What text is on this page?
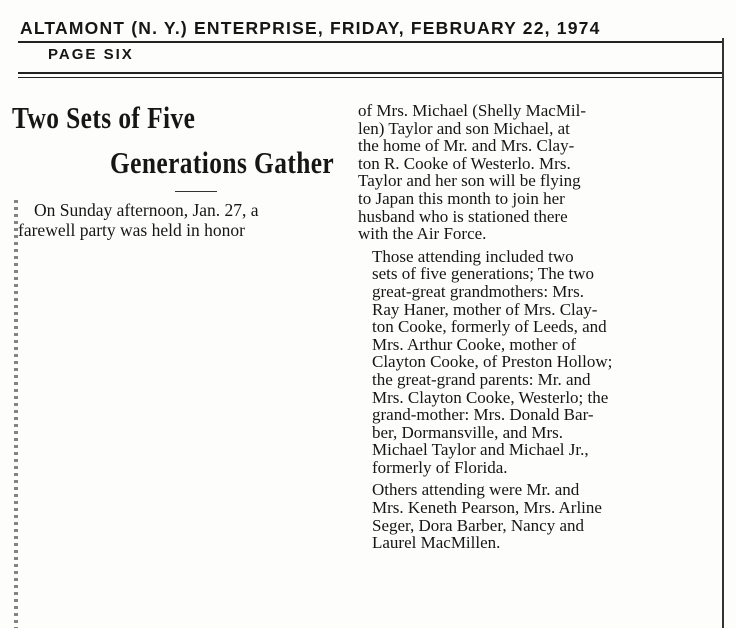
ALTAMONT (N. Y.) ENTERPRISE, FRIDAY, FEBRUARY 22, 1974
PAGE SIX
Two Sets of Five
Generations Gather

On Sunday afternoon, Jan. 27, a
farewell party was held in honor

of Mrs. Michael (Shelly MacMil-
len) Taylor and son Michael, at
the home of Mr. and Mrs. Clay-
ton R. Cooke of Westerlo. Mrs.
Taylor and her son will be flying
to Japan this month to join her
husband who is stationed there
with the Air Force.

Those attending included two
sets of five generations; The two
great-great grandmothers: Mrs.
Ray Haner, mother of Mrs. Clay-
ton Cooke, formerly of Leeds, and
Mrs. Arthur Cooke, mother of
Clayton Cooke, of Preston Hollow;
the great-grand parents: Mr. and
Mrs. Clayton Cooke, Westerlo; the
grand-mother: Mrs. Donald Bar-
ber, Dormansville, and Mrs.
Michael Taylor and Michael Jr.,
formerly of Florida.

Others attending were Mr. and
Mrs. Keneth Pearson, Mrs. Arline
Seger, Dora Barber, Nancy and
Laurel MacMillen.
